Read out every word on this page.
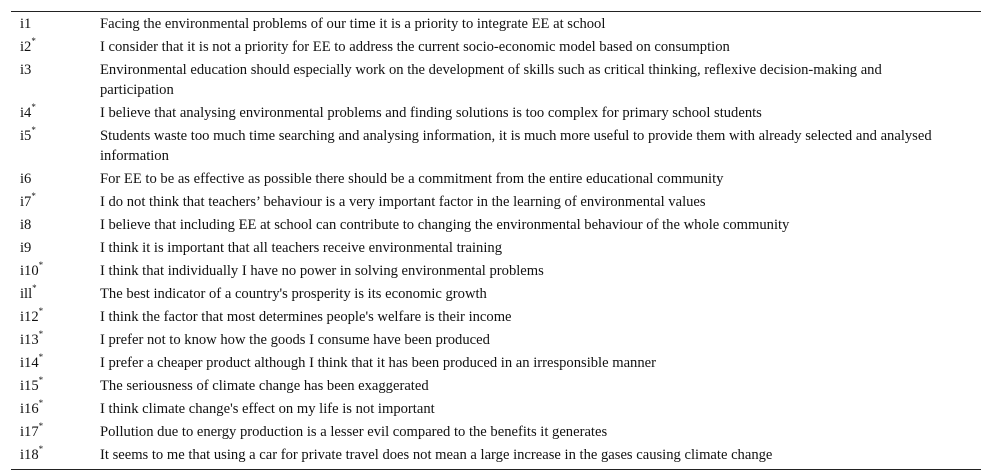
i1	Facing the environmental problems of our time it is a priority to integrate EE at school
i2*	I consider that it is not a priority for EE to address the current socio-economic model based on consumption
i3	Environmental education should especially work on the development of skills such as critical thinking, reflexive decision-making and participation
i4*	I believe that analysing environmental problems and finding solutions is too complex for primary school students
i5*	Students waste too much time searching and analysing information, it is much more useful to provide them with already selected and analysed information
i6	For EE to be as effective as possible there should be a commitment from the entire educational community
i7*	I do not think that teachers’ behaviour is a very important factor in the learning of environmental values
i8	I believe that including EE at school can contribute to changing the environmental behaviour of the whole community
i9	I think it is important that all teachers receive environmental training
i10*	I think that individually I have no power in solving environmental problems
ill*	The best indicator of a country's prosperity is its economic growth
i12*	I think the factor that most determines people's welfare is their income
i13*	I prefer not to know how the goods I consume have been produced
i14*	I prefer a cheaper product although I think that it has been produced in an irresponsible manner
i15*	The seriousness of climate change has been exaggerated
i16*	I think climate change's effect on my life is not important
i17*	Pollution due to energy production is a lesser evil compared to the benefits it generates
i18*	It seems to me that using a car for private travel does not mean a large increase in the gases causing climate change
